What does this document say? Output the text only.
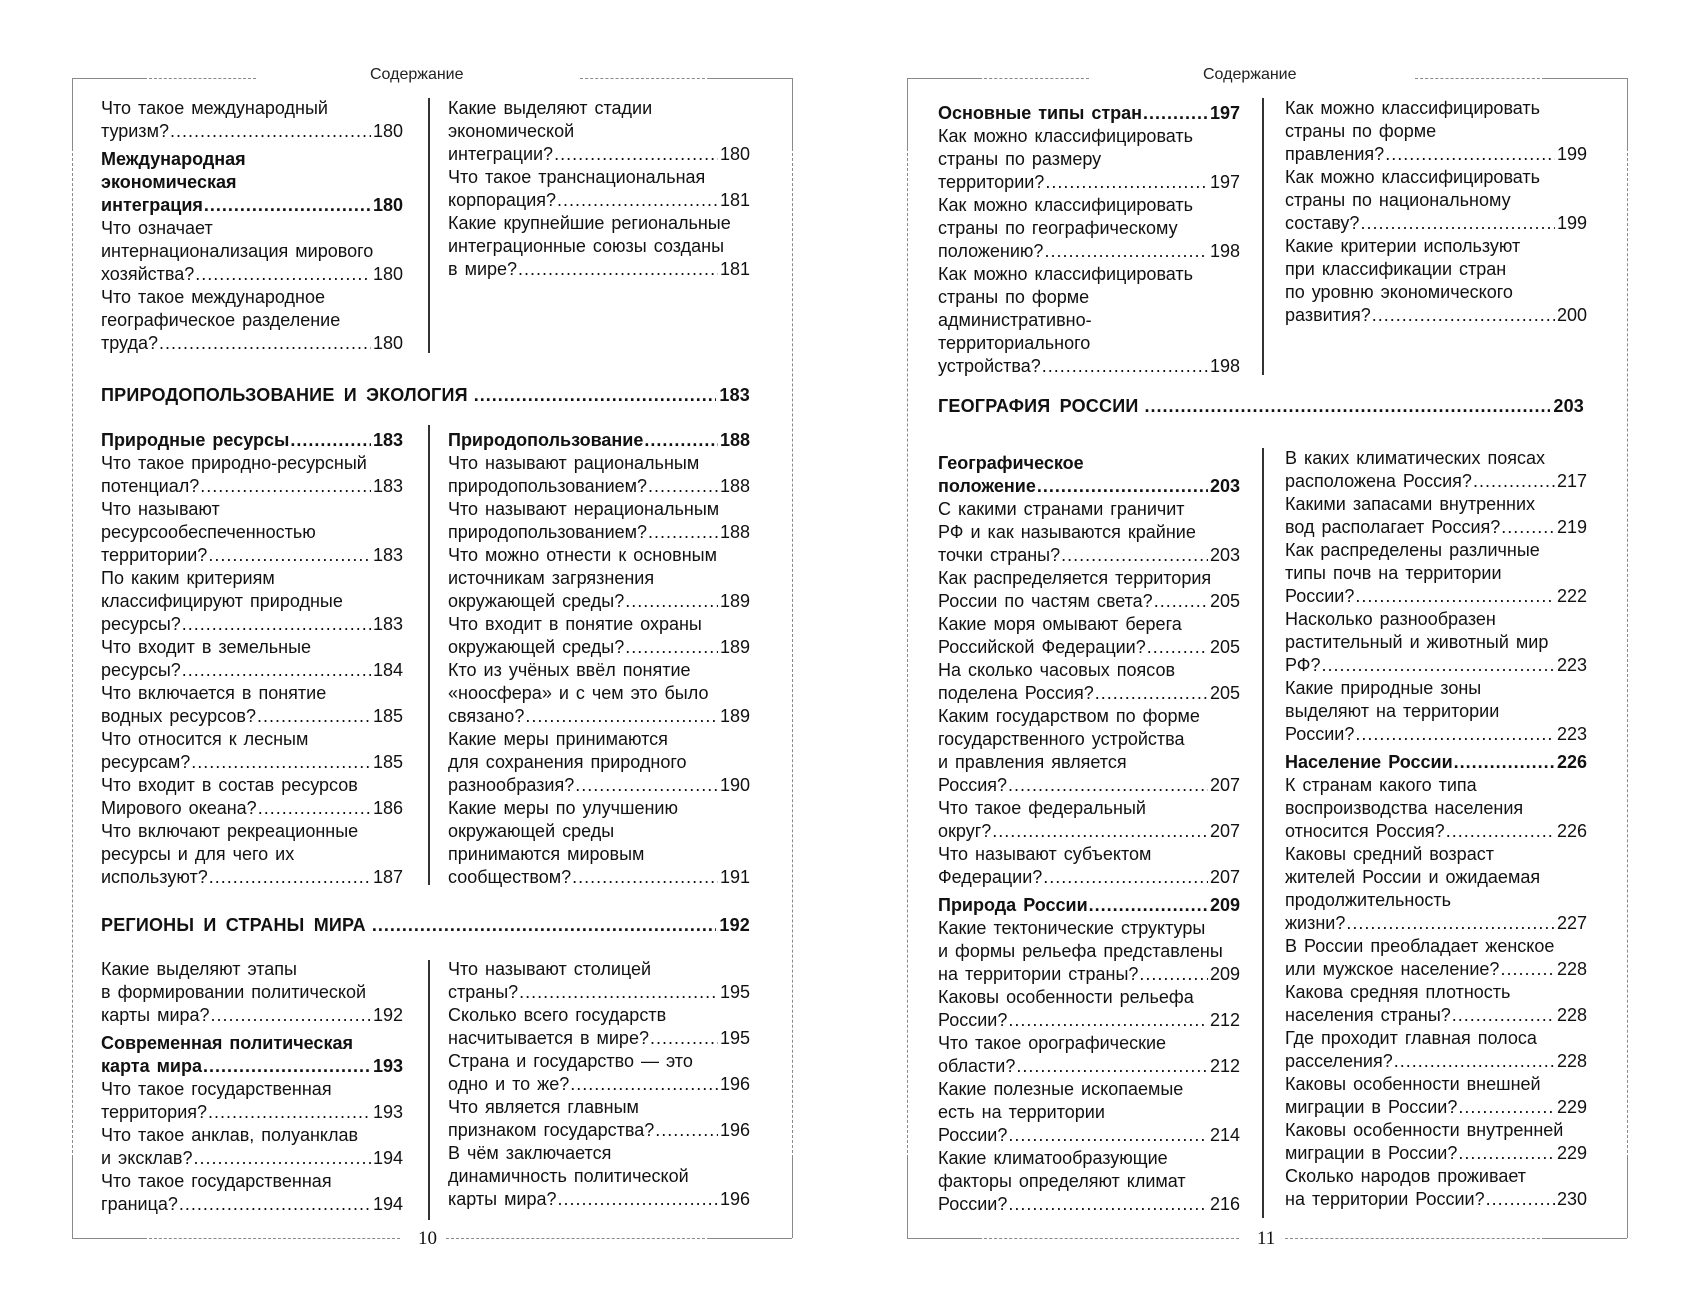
Содержание
10
Что такое международный
туризм? .....	180
Международная
экономическая
интеграция .....	180
Что означает
интернационализация мирового
хозяйства? .....	180
Что такое международное
географическое разделение
труда? .....	180
Какие выделяют стадии
экономической
интеграции? .....	180
Что такое транснациональная
корпорация? .....	181
Какие крупнейшие региональные
интеграционные союзы созданы
в мире? .....	181
ПРИРОДОПОЛЬЗОВАНИЕ И ЭКОЛОГИЯ .....	183
Природные ресурсы .....	183
Что такое природно-ресурсный
потенциал? .....	183
Что называют
ресурсообеспеченностью
территории? .....	183
По каким критериям
классифицируют природные
ресурсы? .....	183
Что входит в земельные
ресурсы? .....	184
Что включается в понятие
водных ресурсов? .....	185
Что относится к лесным
ресурсам? .....	185
Что входит в состав ресурсов
Мирового океана? .....	186
Что включают рекреационные
ресурсы и для чего их
используют? .....	187
Природопользование .....	188
Что называют рациональным
природопользованием? .....	188
Что называют нерациональным
природопользованием? .....	188
Что можно отнести к основным
источникам загрязнения
окружающей среды? .....	189
Что входит в понятие охраны
окружающей среды? .....	189
Кто из учёных ввёл понятие
«ноосфера» и с чем это было
связано? .....	189
Какие меры принимаются
для сохранения природного
разнообразия? .....	190
Какие меры по улучшению
окружающей среды
принимаются мировым
сообществом? .....	191
РЕГИОНЫ И СТРАНЫ МИРА .....	192
Какие выделяют этапы
в формировании политической
карты мира? .....	192
Современная политическая
карта мира .....	193
Что такое государственная
территория? .....	193
Что такое анклав, полуанклав
и эксклав? .....	194
Что такое государственная
граница? .....	194
Что называют столицей
страны? .....	195
Сколько всего государств
насчитывается в мире? .....	195
Страна и государство — это
одно и то же? .....	196
Что является главным
признаком государства? .....	196
В чём заключается
динамичность политической
карты мира? .....	196
Содержание
11
Основные типы стран .....	197
Как можно классифицировать
страны по размеру
территории? .....	197
Как можно классифицировать
страны по географическому
положению? .....	198
Как можно классифицировать
страны по форме
административно-
территориального
устройства? .....	198
Как можно классифицировать
страны по форме
правления? .....	199
Как можно классифицировать
страны по национальному
составу? .....	199
Какие критерии используют
при классификации стран
по уровню экономического
развития? .....	200
ГЕОГРАФИЯ РОССИИ .....	203
Географическое
положение .....	203
С какими странами граничит
РФ и как называются крайние
точки страны? .....	203
Как распределяется территория
России по частям света? .....	205
Какие моря омывают берега
Российской Федерации? .....	205
На сколько часовых поясов
поделена Россия? .....	205
Каким государством по форме
государственного устройства
и правления является
Россия? .....	207
Что такое федеральный
округ? .....	207
Что называют субъектом
Федерации? .....	207
Природа России .....	209
Какие тектонические структуры
и формы рельефа представлены
на территории страны? .....	209
Каковы особенности рельефа
России? .....	212
Что такое орографические
области? .....	212
Какие полезные ископаемые
есть на территории
России? .....	214
Какие климатообразующие
факторы определяют климат
России? .....	216
В каких климатических поясах
расположена Россия? .....	217
Какими запасами внутренних
вод располагает Россия? .....	219
Как распределены различные
типы почв на территории
России? .....	222
Насколько разнообразен
растительный и животный мир
РФ? .....	223
Какие природные зоны
выделяют на территории
России? .....	223
Население России .....	226
К странам какого типа
воспроизводства населения
относится Россия? .....	226
Каковы средний возраст
жителей России и ожидаемая
продолжительность
жизни? .....	227
В России преобладает женское
или мужское население? .....	228
Какова средняя плотность
населения страны? .....	228
Где проходит главная полоса
расселения? .....	228
Каковы особенности внешней
миграции в России? .....	229
Каковы особенности внутренней
миграции в России? .....	229
Сколько народов проживает
на территории России? .....	230
